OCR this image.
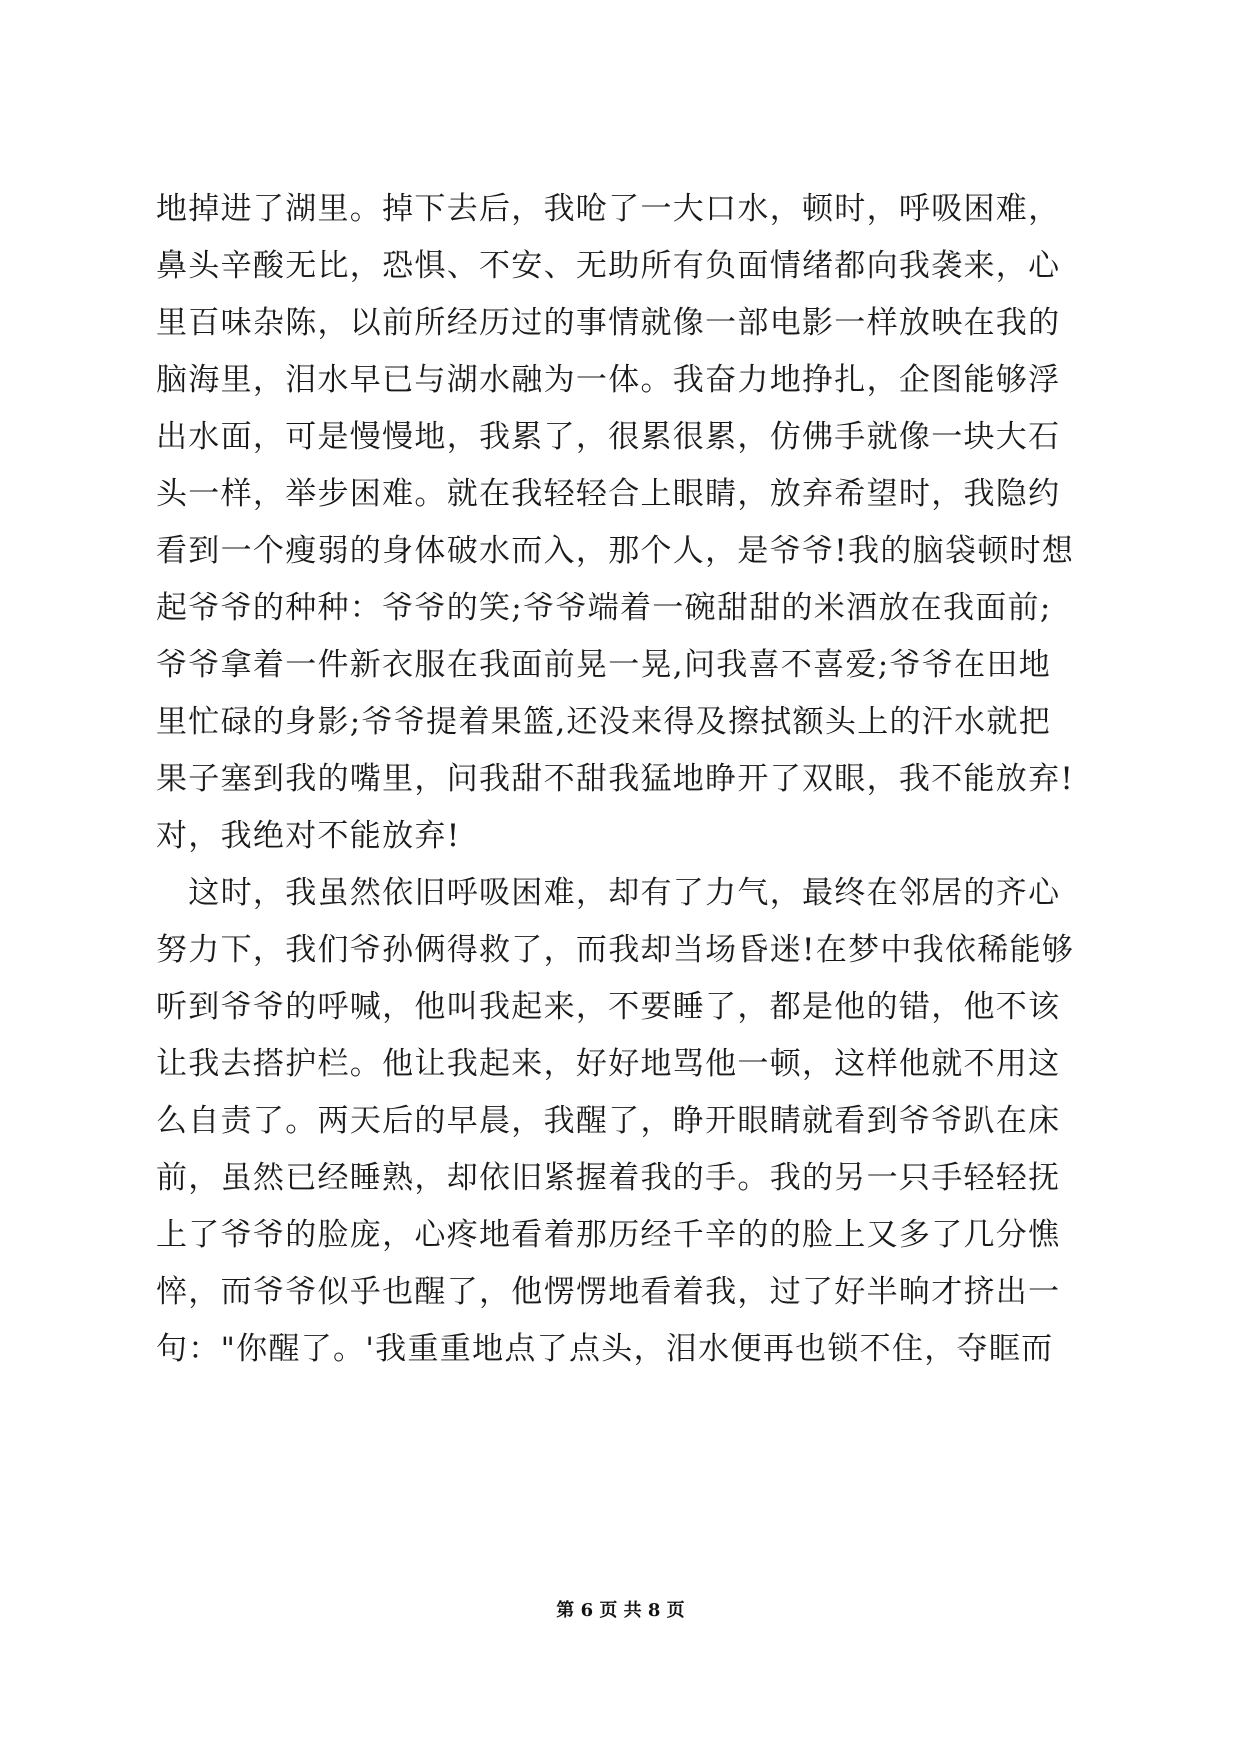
地掉进了湖里。掉下去后，我呛了一大口水，顿时，呼吸困难，
鼻头辛酸无比，恐惧、不安、无助所有负面情绪都向我袭来，心
里百味杂陈，以前所经历过的事情就像一部电影一样放映在我的
脑海里，泪水早已与湖水融为一体。我奋力地挣扎，企图能够浮
出水面，可是慢慢地，我累了，很累很累，仿佛手就像一块大石
头一样，举步困难。就在我轻轻合上眼睛，放弃希望时，我隐约
看到一个瘦弱的身体破水而入，那个人，是爷爷!我的脑袋顿时想
起爷爷的种种：爷爷的笑;爷爷端着一碗甜甜的米酒放在我面前;
爷爷拿着一件新衣服在我面前晃一晃,问我喜不喜爱;爷爷在田地
里忙碌的身影;爷爷提着果篮,还没来得及擦拭额头上的汗水就把
果子塞到我的嘴里，问我甜不甜我猛地睁开了双眼，我不能放弃!
对，我绝对不能放弃!
　这时，我虽然依旧呼吸困难，却有了力气，最终在邻居的齐心
努力下，我们爷孙俩得救了，而我却当场昏迷!在梦中我依稀能够
听到爷爷的呼喊，他叫我起来，不要睡了，都是他的错，他不该
让我去搭护栏。他让我起来，好好地骂他一顿，这样他就不用这
么自责了。两天后的早晨，我醒了，睁开眼睛就看到爷爷趴在床
前，虽然已经睡熟，却依旧紧握着我的手。我的另一只手轻轻抚
上了爷爷的脸庞，心疼地看着那历经千辛的的脸上又多了几分憔
悴，而爷爷似乎也醒了，他愣愣地看着我，过了好半晌才挤出一
句："你醒了。'我重重地点了点头，泪水便再也锁不住，夺眶而
第 6 页 共 8 页
